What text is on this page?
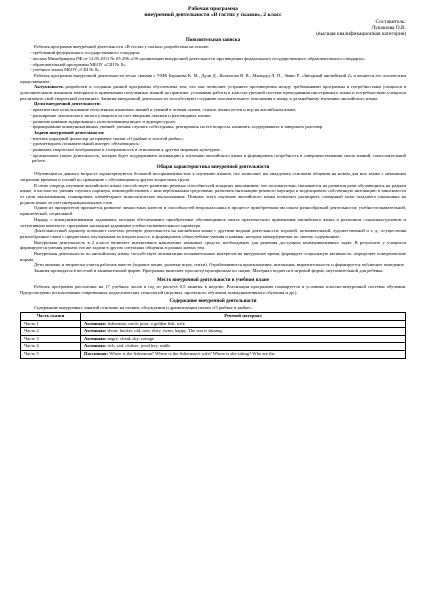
Рабочая программа
внеурочной деятельности «В гостях у сказки», 2 класс
Составитель:
Лукашова О.В.
(высшая квалификационная категория)
Пояснительная записка

Рабочая программа внеурочной деятельности «В гостях у сказки» разработана на основе:

- требований федерального государственного стандарта,
- письма Минобрнауки РФ от 12.05.2011 № 03-296 «Об организации внеурочной деятельности при введении федерального государственного образовательного стандарта»,
- образовательной программы МБОУ «СШ № 8»,
- учебного плана МБОУ «СШ № 8».

Рабочая программа внеурочной деятельности тесно связана с УМК Баранова К. М., Дули Д., Копылова В. В., Мильруд Л. П., Эванс Р. «Звездный английский 2» и является его логическим продолжением.

Актуальность разработки и создания данной программы обусловлена тем, что она позволяет устранить противоречия между требованиями программы и потребностями учащихся в дополнительном языковом материале и применении полученных знаний на практике; условиями работы в классно-урочной системе преподавания иностранного языка и потребностями учащихся реализовать свой творческий потенциал. Занятия внеурочной деятельности способствуют созданию положительного отношения к языку и дальнейшему изучению английского языка.

Цели внеурочной деятельности:

- практическое использование полученных языковых знаний и умений в чтении сказки, стихов, пении песен и игр на английском языке;
- расширение лексического запаса учащихся за счет введения лексики и разговорных клише;
- развитие навыков аудирования с использованием видео и аудиоресурсов;
- формирование коммуникативных умений: умения слушать собеседника, реагировать на его вопросы, начинать, поддерживать и завершать разговор.

Задачи внеурочной деятельности:

- изучить народный фольклор на примере сказки «О рыбаке и золотой рыбке»;
- удовлетворить познавательный интерес обучающихся;
- развивать творческое воображение и толерантность в отношении к другим мировым культурам;
- организовать такую деятельность, которая будет поддерживать мотивацию к изучению английского языка и формировать потребность в совершенствовании своих знаний, самостоятельной работе.
Общая характеристика внеурочной деятельности

Обучающиеся данного возраста характеризуются большой восприимчивостью к изучению языков, что позволяет им овладевать основами общения на новом для них языке с меньшими затратами времени и усилий по сравнению с обучающимися других возрастных групп.

В свою очередь изучение английского языка способствует развитию речевых способностей младших школьников, что положительно сказывается на развитии речи обучающихся на родном языке, в частности, умения слушать партнера, взаимодействовать с ним вербальными средствами, различать интонацию речевого партнера и моделировать собственную интонацию в зависимости от цели высказывания, планировать элементарное монологическое высказывание. Помимо этого изучение английского языка позволяет расширить словарный запас младшего школьника на родном языке за счет интернациональных слов.

Одним из приоритетов признается развитие личностных качеств и способностей второклассника в процессе приобретения им опыта разнообразной деятельности: учебно-познавательной, практической, социальной.

Наряду с коммуникативными заданиями, которые обеспечивают приобретение обучающимися опыта практического применения английского языка в различном социально-ролевом и ситуативном контексте, программа насыщена заданиями учебно-познавательного характера.

Деятельностный характер позволяет сочетать речевую деятельность на английском языке с другими видами деятельности: игровой, познавательной, художественной и т. д., осуществляя разнообразные связи с предметами, изучаемыми во втором классе, и формировать общеучебные умения и навыки, которые межпредметны по своему содержанию.

Внеурочная деятельность в 2 классе включает интенсивное накопление языковых средств, необходимых для решения доступных коммуникативных задач. В результате у учащихся формируются умения решать эти же задачи в других ситуациях общения, в разных новых тем.

Внеурочная деятельность по английскому языку способствует активизации познавательных интересов во внеурочное время, формирует социальную активность, определяет поведенческие нормы.

Дети активно и творчески учатся работать вместе (хоровое пение, ролевые игры, стихи). Отрабатываются произношение, интонация, выразительность и формируется публичное поведение.

Занятия проводятся в веселой и занимательной форме. Программа включает просмотр мультфильма по сказке. Материал подается в игровой форме, неутомительной для ребенка.

Место внеурочной деятельности в учебном плане

Рабочая программа рассчитана на 17 учебных часов в год из расчета 0,5 занятия в неделю. Реализация программы планируется в условиях классно-внеурочной системы обучения. Предусмотрено использование современных педагогических технологий (игровых, проектного обучения, коммуникативного обучения и др.).

Содержание внеурочной деятельности

Содержание внеурочных занятий основано на чтении, обсуждении и драматизации сказки «О рыбаке и рыбке».

Часть сказки	Речевой материал
Часть 1	Активная: fisherman, catch, poor, a golden fish, wife
Часть 2	Активная: shout, bucket, old, new, dirty, swim, happy. The sun is shining.
Часть 3	Активная: angry, cloud, sky, cottage
Часть 4	Активная: rich, sad, clothes, jewellery, stable
Часть 5	Пассивная: Where is the fisherman? Where is the fisherman's wife? Where is she sitting? Who are the
